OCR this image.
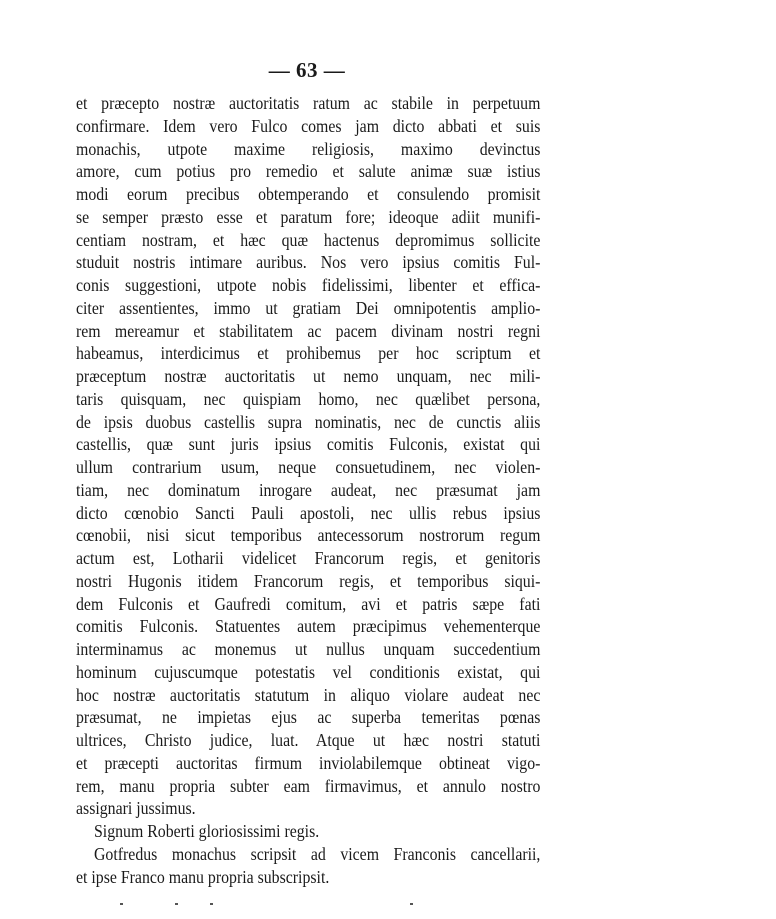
— 63 —
et præcepto nostræ auctoritatis ratum ac stabile in perpetuum
confirmare. Idem vero Fulco comes jam dicto abbati et suis
monachis, utpote maxime religiosis, maximo devinctus
amore, cum potius pro remedio et salute animæ suæ istius
modi eorum precibus obtemperando et consulendo promisit
se semper præsto esse et paratum fore; ideoque adiit munifi-
centiam nostram, et hæc quæ hactenus depromimus sollicite
studuit nostris intimare auribus. Nos vero ipsius comitis Ful-
conis suggestioni, utpote nobis fidelissimi, libenter et effica-
citer assentientes, immo ut gratiam Dei omnipotentis amplio-
rem mereamur et stabilitatem ac pacem divinam nostri regni
habeamus, interdicimus et prohibemus per hoc scriptum et
præceptum nostræ auctoritatis ut nemo unquam, nec mili-
taris quisquam, nec quispiam homo, nec quælibet persona,
de ipsis duobus castellis supra nominatis, nec de cunctis aliis
castellis, quæ sunt juris ipsius comitis Fulconis, existat qui
ullum contrarium usum, neque consuetudinem, nec violen-
tiam, nec dominatum inrogare audeat, nec præsumat jam
dicto cœnobio Sancti Pauli apostoli, nec ullis rebus ipsius
cœnobii, nisi sicut temporibus antecessorum nostrorum regum
actum est, Lotharii videlicet Francorum regis, et genitoris
nostri Hugonis itidem Francorum regis, et temporibus siqui-
dem Fulconis et Gaufredi comitum, avi et patris sæpe fati
comitis Fulconis. Statuentes autem præcipimus vehementerque
interminamus ac monemus ut nullus unquam succedentium
hominum cujuscumque potestatis vel conditionis existat, qui
hoc nostræ auctoritatis statutum in aliquo violare audeat nec
præsumat, ne impietas ejus ac superba temeritas pœnas
ultrices, Christo judice, luat. Atque ut hæc nostri statuti
et præcepti auctoritas firmum inviolabilemque obtineat vigo-
rem, manu propria subter eam firmavimus, et annulo nostro
assignari jussimus.
Signum Roberti gloriosissimi regis.
Gotfredus monachus scripsit ad vicem Franconis cancellarii,
et ipse Franco manu propria subscripsit.
